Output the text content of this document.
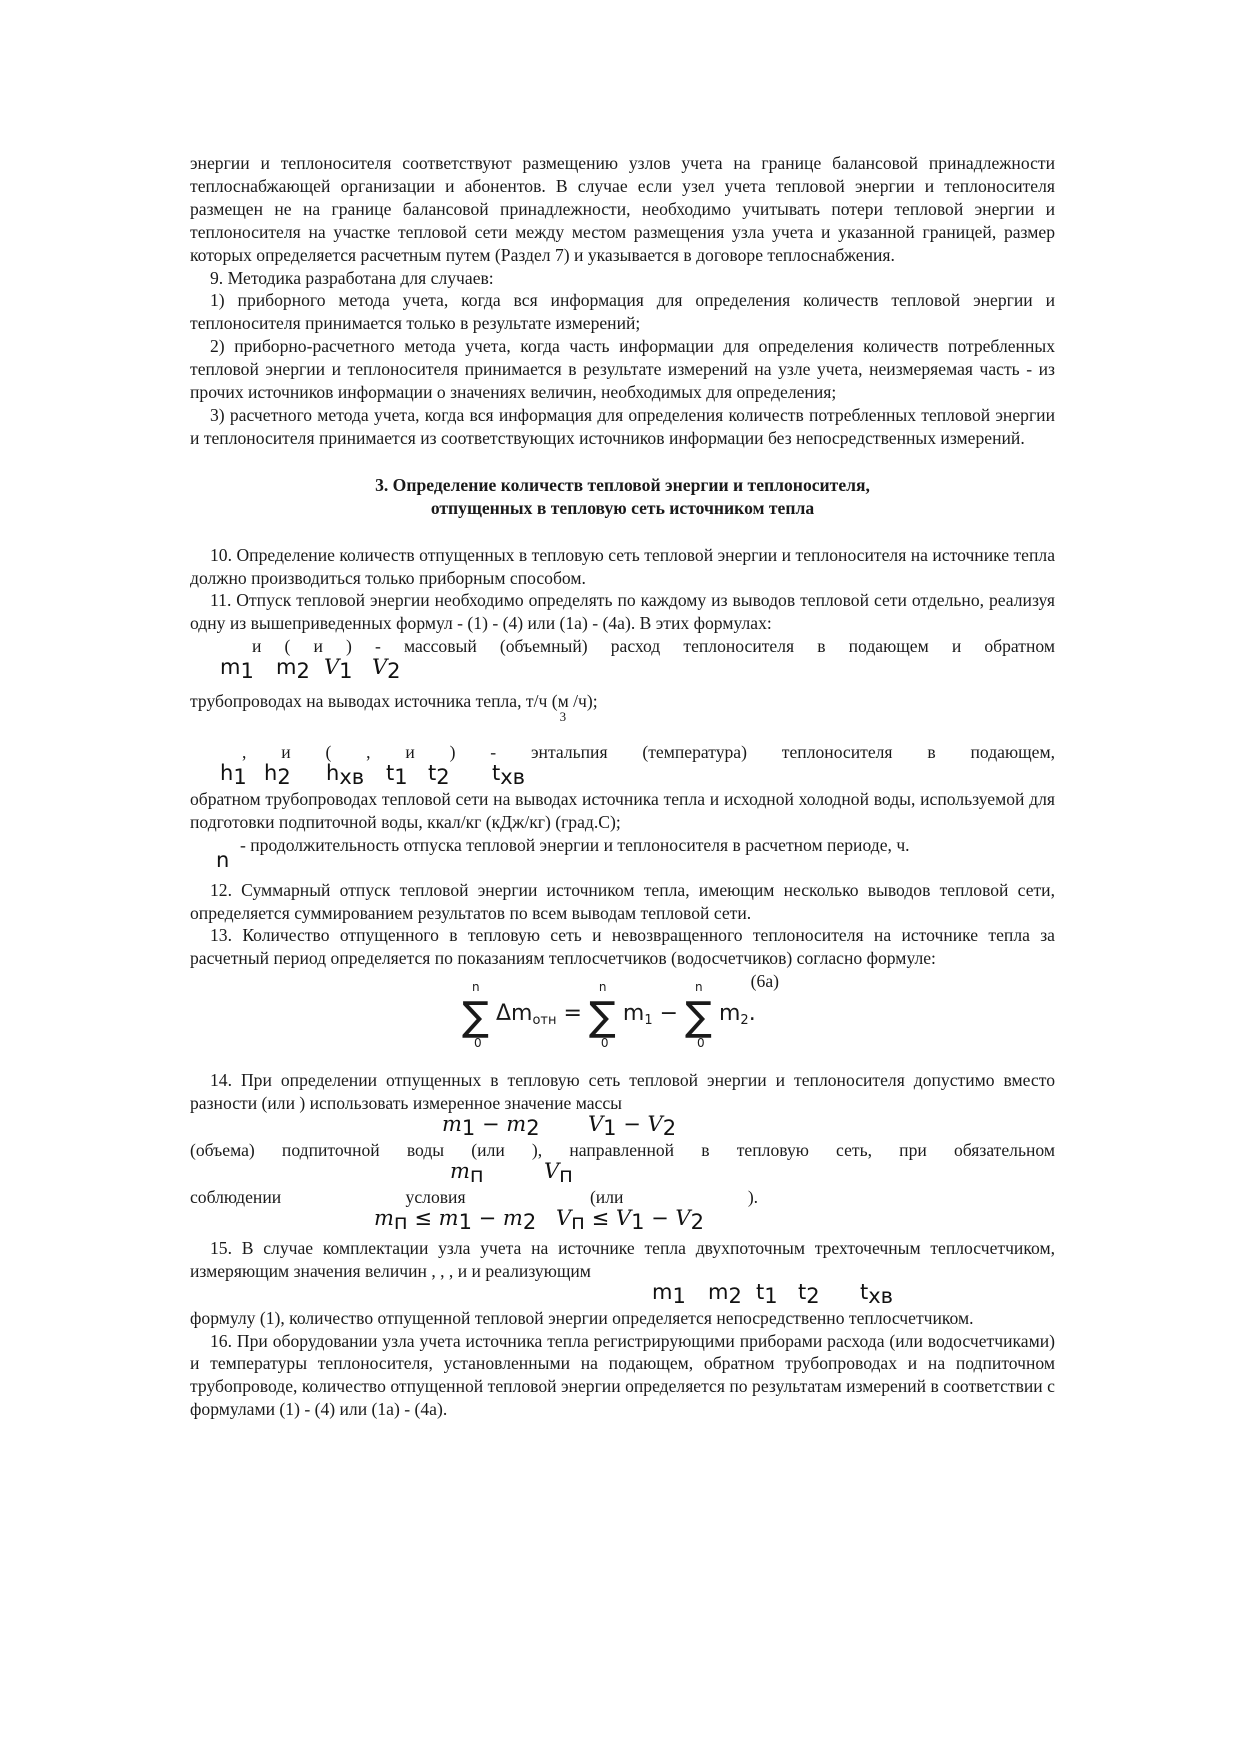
энергии и теплоносителя соответствуют размещению узлов учета на границе балансовой принадлежности теплоснабжающей организации и абонентов. В случае если узел учета тепловой энергии и теплоносителя размещен не на границе балансовой принадлежности, необходимо учитывать потери тепловой энергии и теплоносителя на участке тепловой сети между местом размещения узла учета и указанной границей, размер которых определяется расчетным путем (Раздел 7) и указывается в договоре теплоснабжения.

9. Методика разработана для случаев:

1) приборного метода учета, когда вся информация для определения количеств тепловой энергии и теплоносителя принимается только в результате измерений;

2) приборно-расчетного метода учета, когда часть информации для определения количеств потребленных тепловой энергии и теплоносителя принимается в результате измерений на узле учета, неизмеряемая часть - из прочих источников информации о значениях величин, необходимых для определения;

3) расчетного метода учета, когда вся информация для определения количеств потребленных тепловой энергии и теплоносителя принимается из соответствующих источников информации без непосредственных измерений.

3. Определение количеств тепловой энергии и теплоносителя,
отпущенных в тепловую сеть источником тепла

10. Определение количеств отпущенных в тепловую сеть тепловой энергии и теплоносителя на источнике тепла должно производиться только приборным способом.

11. Отпуск тепловой энергии необходимо определять по каждому из выводов тепловой сети отдельно, реализуя одну из вышеприведенных формул - (1) - (4) или (1а) - (4а). В этих формулах:

и ( и ) - массовый (объемный) расход теплоносителя в подающем и обратном

m1 m2 V1 V2

трубопроводах на выводах источника тепла, т/ч (м $/ч);_3$

, и ( , и ) - энтальпия (температура) теплоносителя в подающем,

h1 h2 hхв t1 t2 tхв

обратном трубопроводах тепловой сети на выводах источника тепла и исходной холодной воды, используемой для подготовки подпиточной воды, ккал/кг (кДж/кг) (град.С);

- продолжительность отпуска тепловой энергии и теплоносителя в расчетном периоде, ч.

n

12. Суммарный отпуск тепловой энергии источником тепла, имеющим несколько выводов тепловой сети, определяется суммированием результатов по всем выводам тепловой сети.

13. Количество отпущенного в тепловую сеть и невозвращенного теплоносителя на источнике тепла за расчетный период определяется по показаниям теплосчетчиков (водосчетчиков) согласно формуле:

(6а)

∑
n
0
$\Delta m_{отн}$ = ∑
n
0
$m_1$ − ∑
n
0
$m_2$.

14. При определении отпущенных в тепловую сеть тепловой энергии и теплоносителя допустимо вместо разности (или ) использовать измеренное значение массы

m1 − m2 V1 − V2

(объема) подпиточной воды (или ), направленной в тепловую сеть, при обязательном

mп	Vп

соблюдении условия (или ).

mп ≤ m1 − m2 Vп ≤ V1 − V2

15. В случае комплектации узла учета на источнике тепла двухпоточным трехточечным теплосчетчиком, измеряющим значения величин , , , и и реализующим

m1 m2 t1 t2 tхв

формулу (1), количество отпущенной тепловой энергии определяется непосредственно теплосчетчиком.

16. При оборудовании узла учета источника тепла регистрирующими приборами расхода (или водосчетчиками) и температуры теплоносителя, установленными на подающем, обратном трубопроводах и на подпиточном трубопроводе, количество отпущенной тепловой энергии определяется по результатам измерений в соответствии с формулами (1) - (4) или (1а) - (4а).
